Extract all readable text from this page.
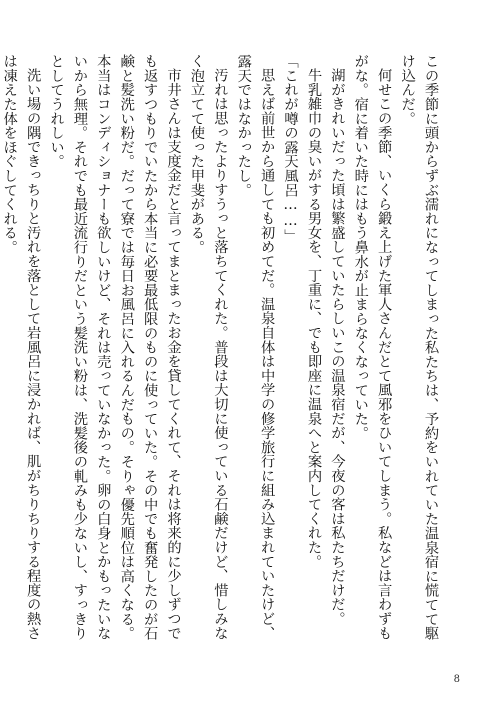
この季節に頭からずぶ濡れになってしまった私たちは、予約をいれていた温泉宿に慌てて駆け込んだ。

何せこの季節、いくら鍛え上げた軍人さんだとて風邪をひいてしまう。私などは言わずもがな。宿に着いた時にはもう鼻水が止まらなくなっていた。

湖がきれいだった頃は繁盛していたらしいこの温泉宿だが、今夜の客は私たちだけだ。

牛乳雑巾の臭いがする男女を、丁重に、でも即座に温泉へと案内してくれた。

「これが噂の露天風呂……」

思えば前世から通しても初めてだ。温泉自体は中学の修学旅行に組み込まれていたけど、露天ではなかったし。

汚れは思ったよりすうっと落ちてくれた。普段は大切に使っている石鹸だけど、惜しみなく泡立てて使った甲斐がある。

市井さんは支度金だと言ってまとまったお金を貸してくれて、それは将来的に少しずつでも返すつもりでいたから本当に必要最低限のものに使っていた。その中でも奮発したのが石鹸と髪洗い粉だ。だって寮では毎日お風呂に入れるんだもの。そりゃ優先順位は高くなる。本当はコンディショナーも欲しいけど、それは売っていなかった。卵の白身とかもったいないから無理。それでも最近流行りだという髪洗い粉は、洗髪後の軋みも少ないし、すっきりとしてうれしい。

洗い場の隅できっちりと汚れを落として岩風呂に浸かれば、肌がちりちりする程度の熱さは凍えた体をほぐしてくれる。

8
